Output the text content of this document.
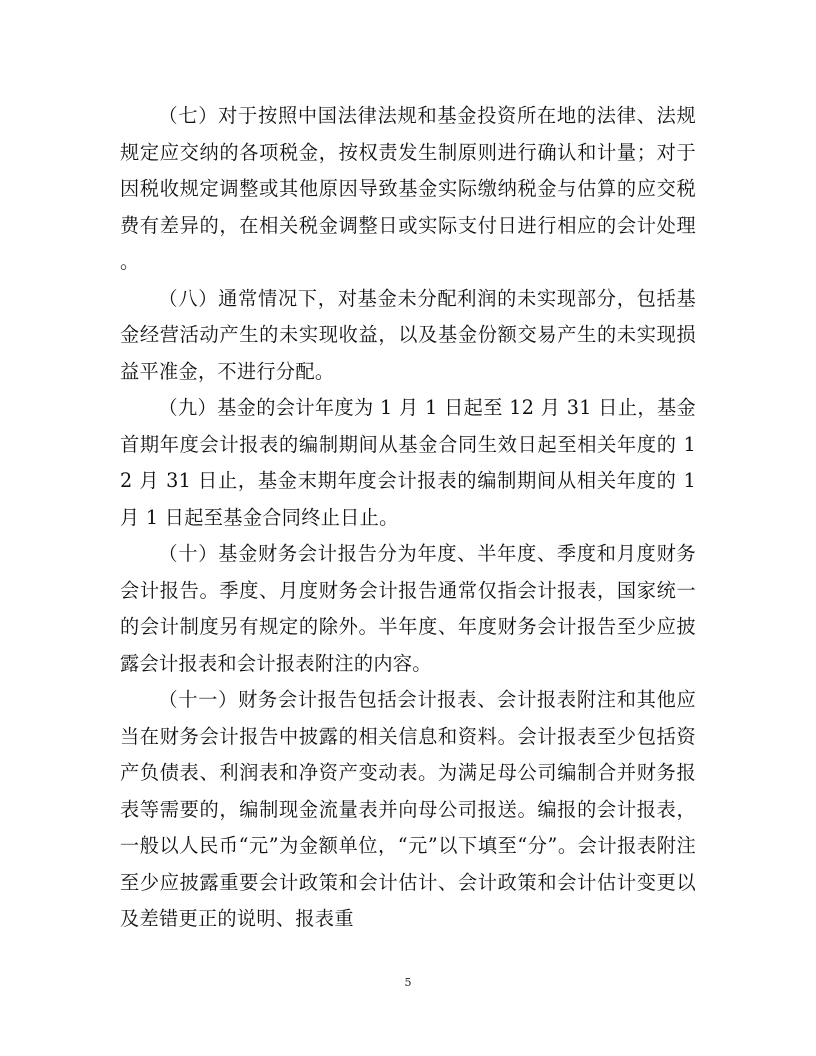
（七）对于按照中国法律法规和基金投资所在地的法律、法规规定应交纳的各项税金，按权责发生制原则进行确认和计量；对于因税收规定调整或其他原因导致基金实际缴纳税金与估算的应交税费有差异的，在相关税金调整日或实际支付日进行相应的会计处理。

（八）通常情况下，对基金未分配利润的未实现部分，包括基金经营活动产生的未实现收益，以及基金份额交易产生的未实现损益平准金，不进行分配。

（九）基金的会计年度为 1 月 1 日起至 12 月 31 日止，基金首期年度会计报表的编制期间从基金合同生效日起至相关年度的 12 月 31 日止，基金末期年度会计报表的编制期间从相关年度的 1 月 1 日起至基金合同终止日止。

（十）基金财务会计报告分为年度、半年度、季度和月度财务会计报告。季度、月度财务会计报告通常仅指会计报表，国家统一的会计制度另有规定的除外。半年度、年度财务会计报告至少应披露会计报表和会计报表附注的内容。

（十一）财务会计报告包括会计报表、会计报表附注和其他应当在财务会计报告中披露的相关信息和资料。会计报表至少包括资产负债表、利润表和净资产变动表。为满足母公司编制合并财务报表等需要的，编制现金流量表并向母公司报送。编报的会计报表，一般以人民币“元”为金额单位，“元”以下填至“分”。会计报表附注至少应披露重要会计政策和会计估计、会计政策和会计估计变更以及差错更正的说明、报表重

5
